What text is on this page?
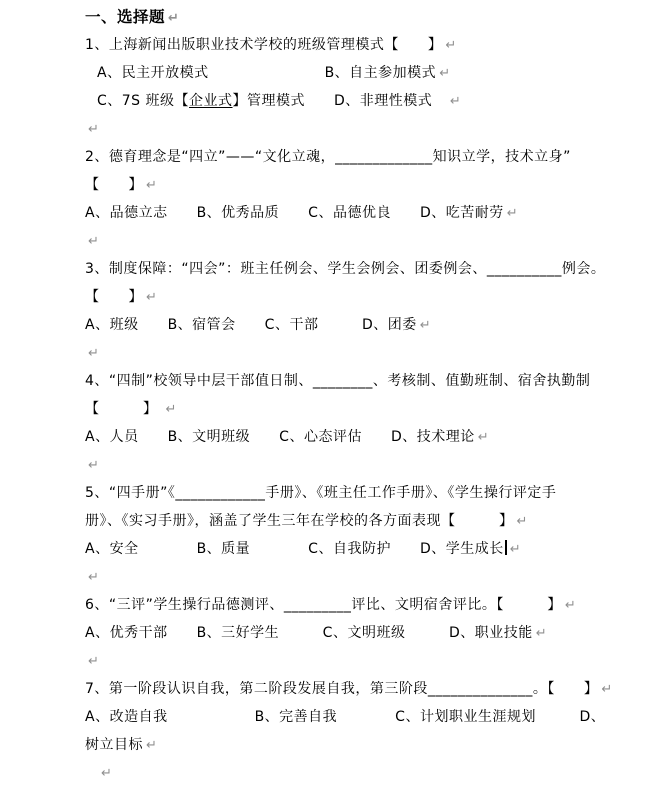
一、选择题 ↵
1、上海新闻出版职业技术学校的班级管理模式【　　】 ↵
A、民主开放模式　　　　　　　　B、自主参加模式 ↵
C、7S 班级【企业式】管理模式　　D、非理性模式　↵
↵
2、德育理念是“四立”——“文化立魂，_____________知识立学，技术立身”
【　　】 ↵
A、品德立志　　B、优秀品质　　C、品德优良　　D、吃苦耐劳 ↵
↵
3、制度保障：“四会”：班主任例会、学生会例会、团委例会、__________例会。
【　　】 ↵
A、班级　　B、宿管会　　C、干部　　　D、团委 ↵
↵
4、“四制”校领导中层干部值日制、________、考核制、值勤班制、宿舍执勤制
【　　　】 ↵
A、人员　　B、文明班级　　C、心态评估　　D、技术理论 ↵
↵
5、“四手册”《____________手册》、《班主任工作手册》、《学生操行评定手
册》、《实习手册》，涵盖了学生三年在学校的各方面表现【　　　】 ↵
A、安全　　　　B、质量　　　　C、自我防护　　D、学生成长 ↵
↵
6、“三评”学生操行品德测评、_________评比、文明宿舍评比。【　　　】 ↵
A、优秀干部　　B、三好学生　　　C、文明班级　　　D、职业技能 ↵
↵
7、第一阶段认识自我，第二阶段发展自我，第三阶段______________。【　　】 ↵
A、改造自我　　　　　　B、完善自我　　　　C、计划职业生涯规划　　　D、
树立目标 ↵
↵
